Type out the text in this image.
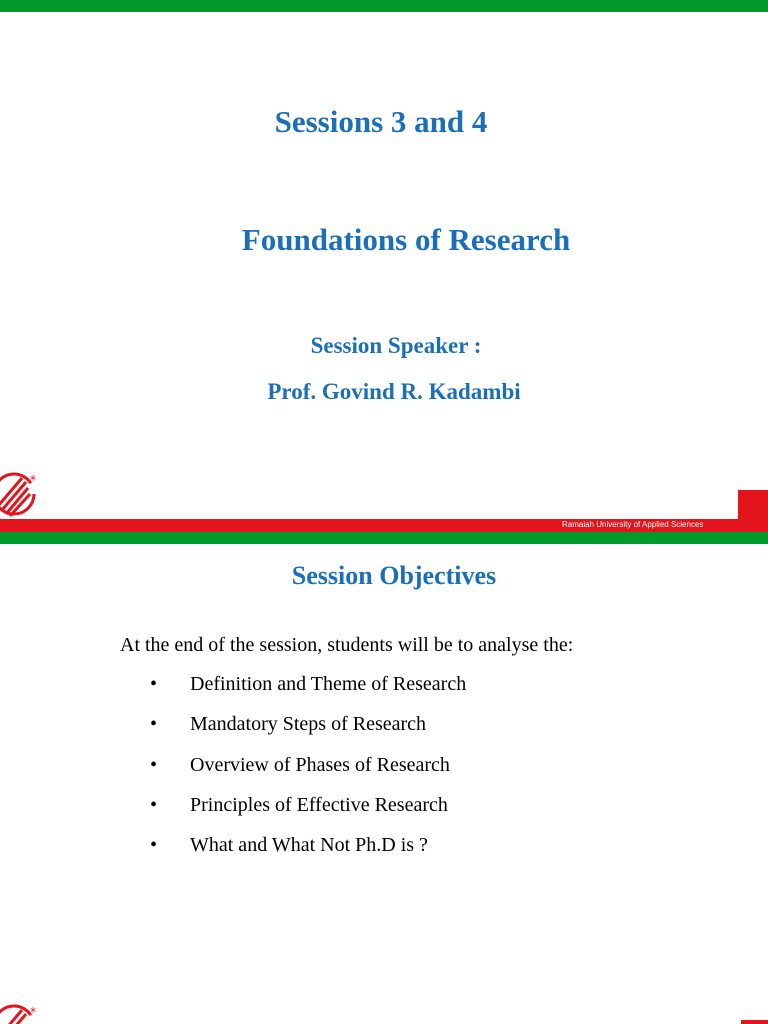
Sessions 3 and 4
Foundations of Research
Session Speaker :
Prof. Govind R. Kadambi
*
Ramaiah University of Applied Sciences
Session Objectives
At the end of the session, students will be to analyse the:
•	Definition and Theme of Research
•	Mandatory Steps of Research
•	Overview of Phases of Research
•	Principles of Effective Research
•	What and What Not Ph.D is ?
*
